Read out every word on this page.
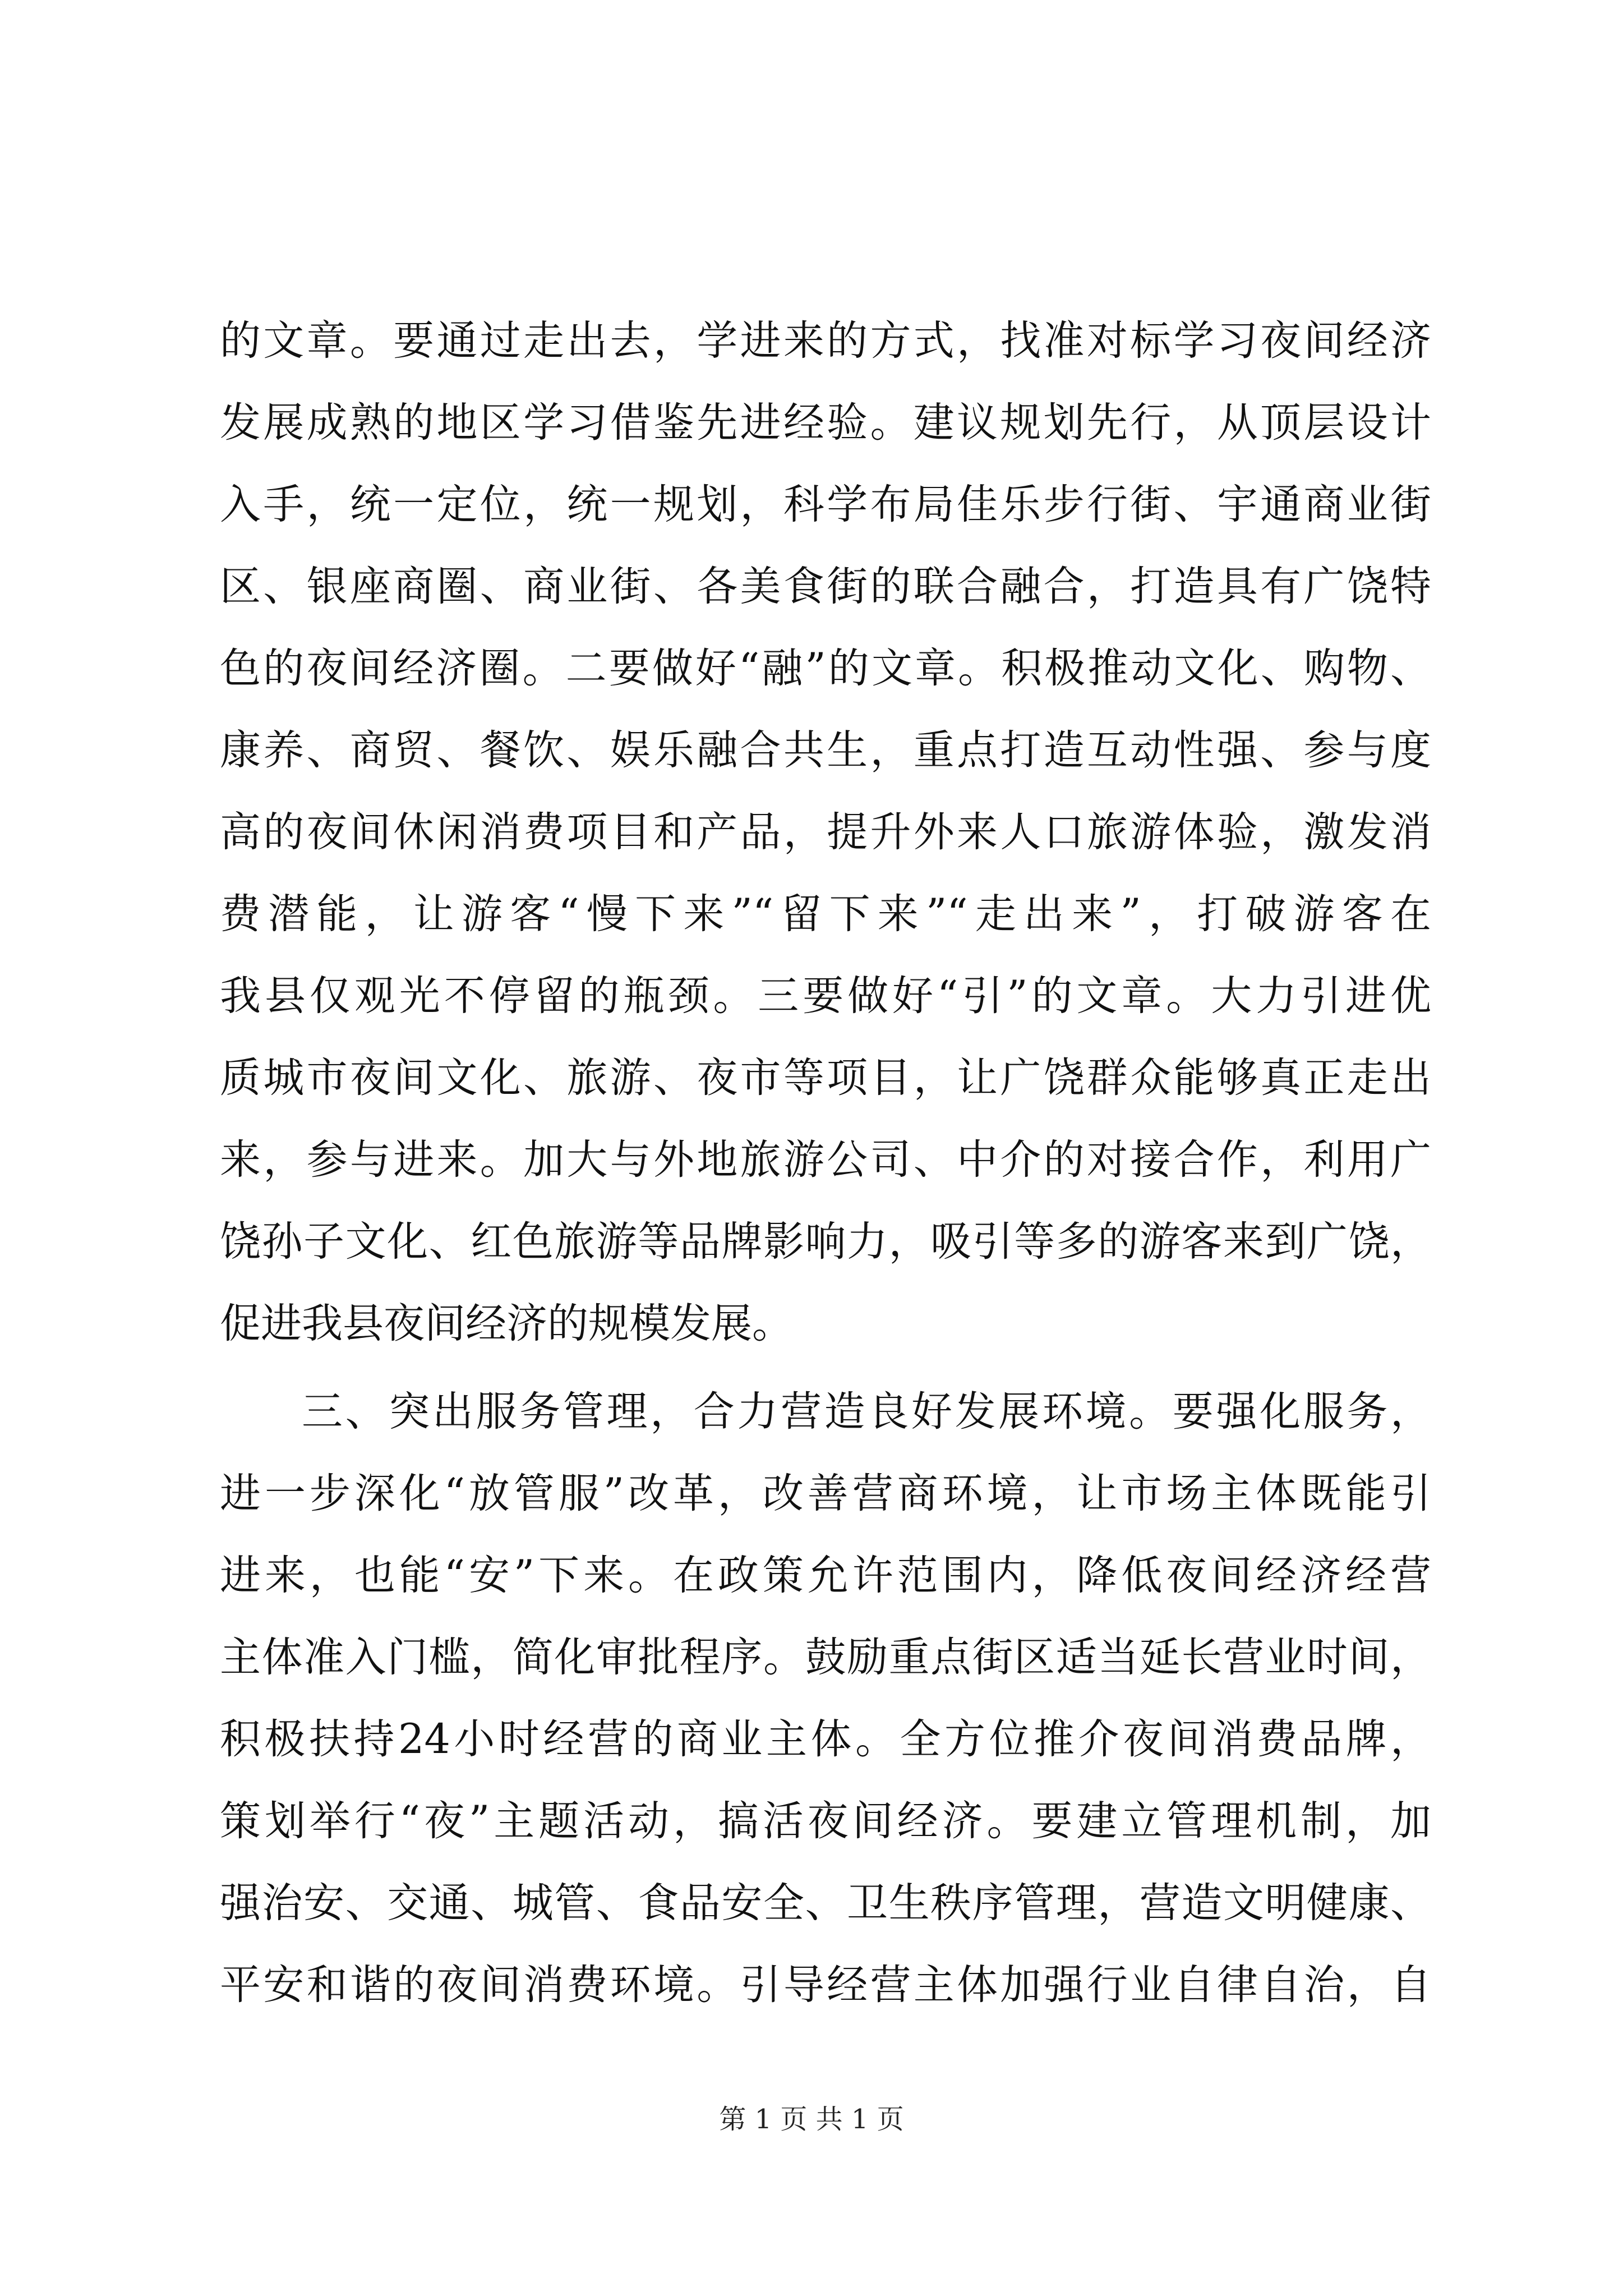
的文章。要通过走出去，学进来的方式，找准对标学习夜间经济
发展成熟的地区学习借鉴先进经验。建议规划先行，从顶层设计
入手，统一定位，统一规划，科学布局佳乐步行街、宇通商业街
区、银座商圈、商业街、各美食街的联合融合，打造具有广饶特
色的夜间经济圈。二要做好“融”的文章。积极推动文化、购物、
康养、商贸、餐饮、娱乐融合共生，重点打造互动性强、参与度
高的夜间休闲消费项目和产品，提升外来人口旅游体验，激发消
费潜能，让游客“慢下来”“留下来”“走出来”，打破游客在
我县仅观光不停留的瓶颈。三要做好“引”的文章。大力引进优
质城市夜间文化、旅游、夜市等项目，让广饶群众能够真正走出
来，参与进来。加大与外地旅游公司、中介的对接合作，利用广
饶孙子文化、红色旅游等品牌影响力，吸引等多的游客来到广饶，
促进我县夜间经济的规模发展。
三、突出服务管理，合力营造良好发展环境。要强化服务，
进一步深化“放管服”改革，改善营商环境，让市场主体既能引
进来，也能“安”下来。在政策允许范围内，降低夜间经济经营
主体准入门槛，简化审批程序。鼓励重点街区适当延长营业时间，
积极扶持24小时经营的商业主体。全方位推介夜间消费品牌，
策划举行“夜”主题活动，搞活夜间经济。要建立管理机制，加
强治安、交通、城管、食品安全、卫生秩序管理，营造文明健康、
平安和谐的夜间消费环境。引导经营主体加强行业自律自治，自
第 1 页 共 1 页
